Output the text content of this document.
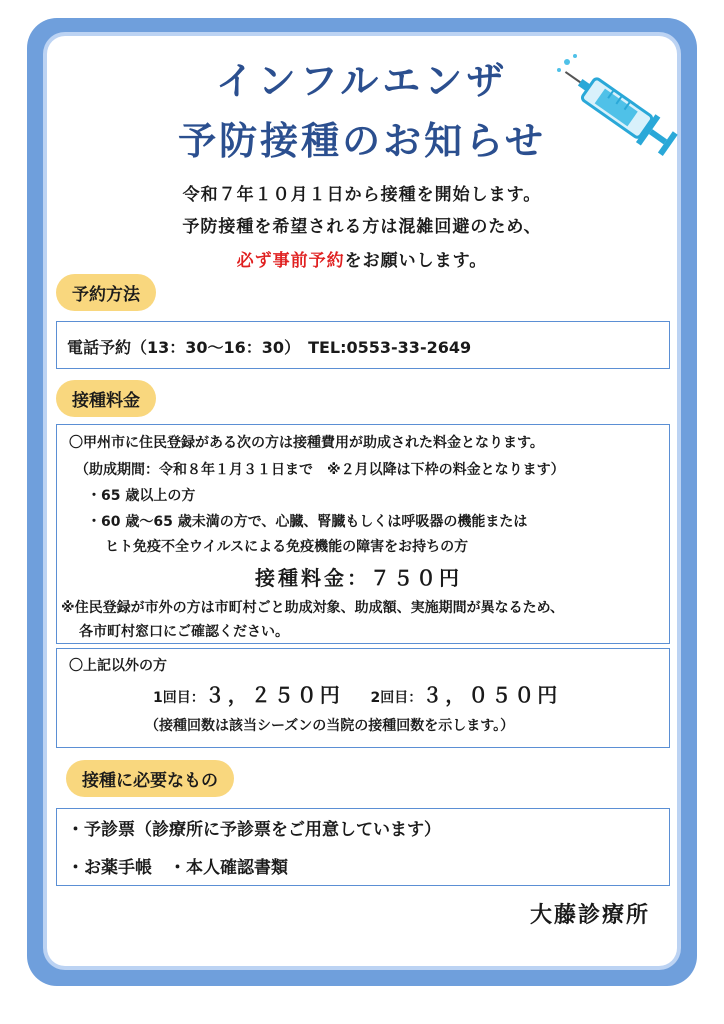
インフルエンザ
予防接種のお知らせ
令和７年１０月１日から接種を開始します。
予防接種を希望される方は混雑回避のため、
必ず事前予約をお願いします。
予約方法
電話予約（13：30～16：30）　TEL:0553-33-2649
接種料金
〇甲州市に住民登録がある次の方は接種費用が助成された料金となります。
（助成期間：令和８年１月３１日まで　※２月以降は下枠の料金となります）
・65 歳以上の方
・60 歳～65 歳未満の方で、心臓、腎臓もしくは呼吸器の機能または
ヒト免疫不全ウイルスによる免疫機能の障害をお持ちの方
接種料金：７５０円
※住民登録が市外の方は市町村ごと助成対象、助成額、実施期間が異なるため、
各市町村窓口にご確認ください。
〇上記以外の方
1回目：３，２５０円 2回目：３，０５０円
（接種回数は該当シーズンの当院の接種回数を示します。）
接種に必要なもの
・予診票（診療所に予診票をご用意しています）
・お薬手帳　・本人確認書類
大藤診療所
